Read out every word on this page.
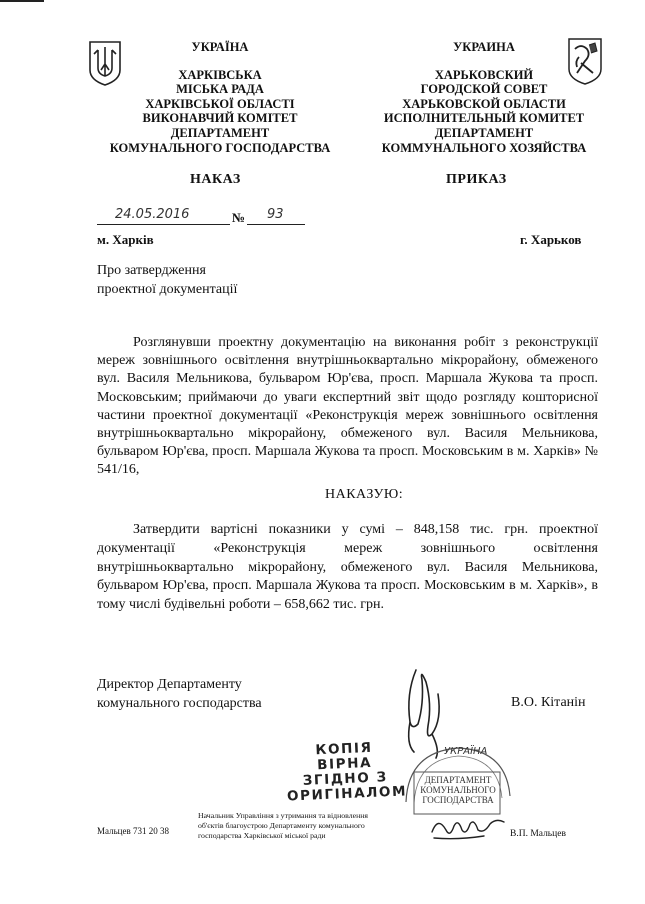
УКРАЇНА
ХАРКІВСЬКА
МІСЬКА РАДА
ХАРКІВСЬКОЇ ОБЛАСТІ
ВИКОНАВЧИЙ КОМІТЕТ
ДЕПАРТАМЕНТ
КОМУНАЛЬНОГО ГОСПОДАРСТВА
УКРАИНА
ХАРЬКОВСКИЙ
ГОРОДСКОЙ СОВЕТ
ХАРЬКОВСКОЙ ОБЛАСТИ
ИСПОЛНИТЕЛЬНЫЙ КОМИТЕТ
ДЕПАРТАМЕНТ
КОММУНАЛЬНОГО ХОЗЯЙСТВА
НАКАЗ	ПРИКАЗ
24.05.2016	№ 93
м. Харків	г. Харьков
Про затвердження
проектної документації
Розглянувши проектну документацію на виконання робіт з реконструкції мереж зовнішнього освітлення внутрішньоквартально мікрорайону, обмеженого вул. Василя Мельникова, бульваром Юр'єва, просп. Маршала Жукова та просп. Московським; приймаючи до уваги експертний звіт щодо розгляду кошторисної частини проектної документації «Реконструкція мереж зовнішнього освітлення внутрішньоквартально мікрорайону, обмеженого вул. Василя Мельникова, бульваром Юр'єва, просп. Маршала Жукова та просп. Московським в м. Харків» № 541/16,
НАКАЗУЮ:
Затвердити вартісні показники у сумі – 848,158 тис. грн. проектної документації «Реконструкція мереж зовнішнього освітлення внутрішньоквартально мікрорайону, обмеженого вул. Василя Мельникова, бульваром Юр'єва, просп. Маршала Жукова та просп. Московським в м. Харків», в тому числі будівельні роботи – 658,662 тис. грн.
Директор Департаменту
комунального господарства	В.О. Кітанін
КОПІЯ ВІРНА
ЗГІДНО З
ОРИГІНАЛОМ
УКРАЇНА
ДЕПАРТАМЕНТ
КОМУНАЛЬНОГО
ГОСПОДАРСТВА
Мальцев 731 20 38
Начальник Управління з утримання та відновлення
об'єктів благоустрою Департаменту комунального
господарства Харківської міської ради	В.П. Мальцев
